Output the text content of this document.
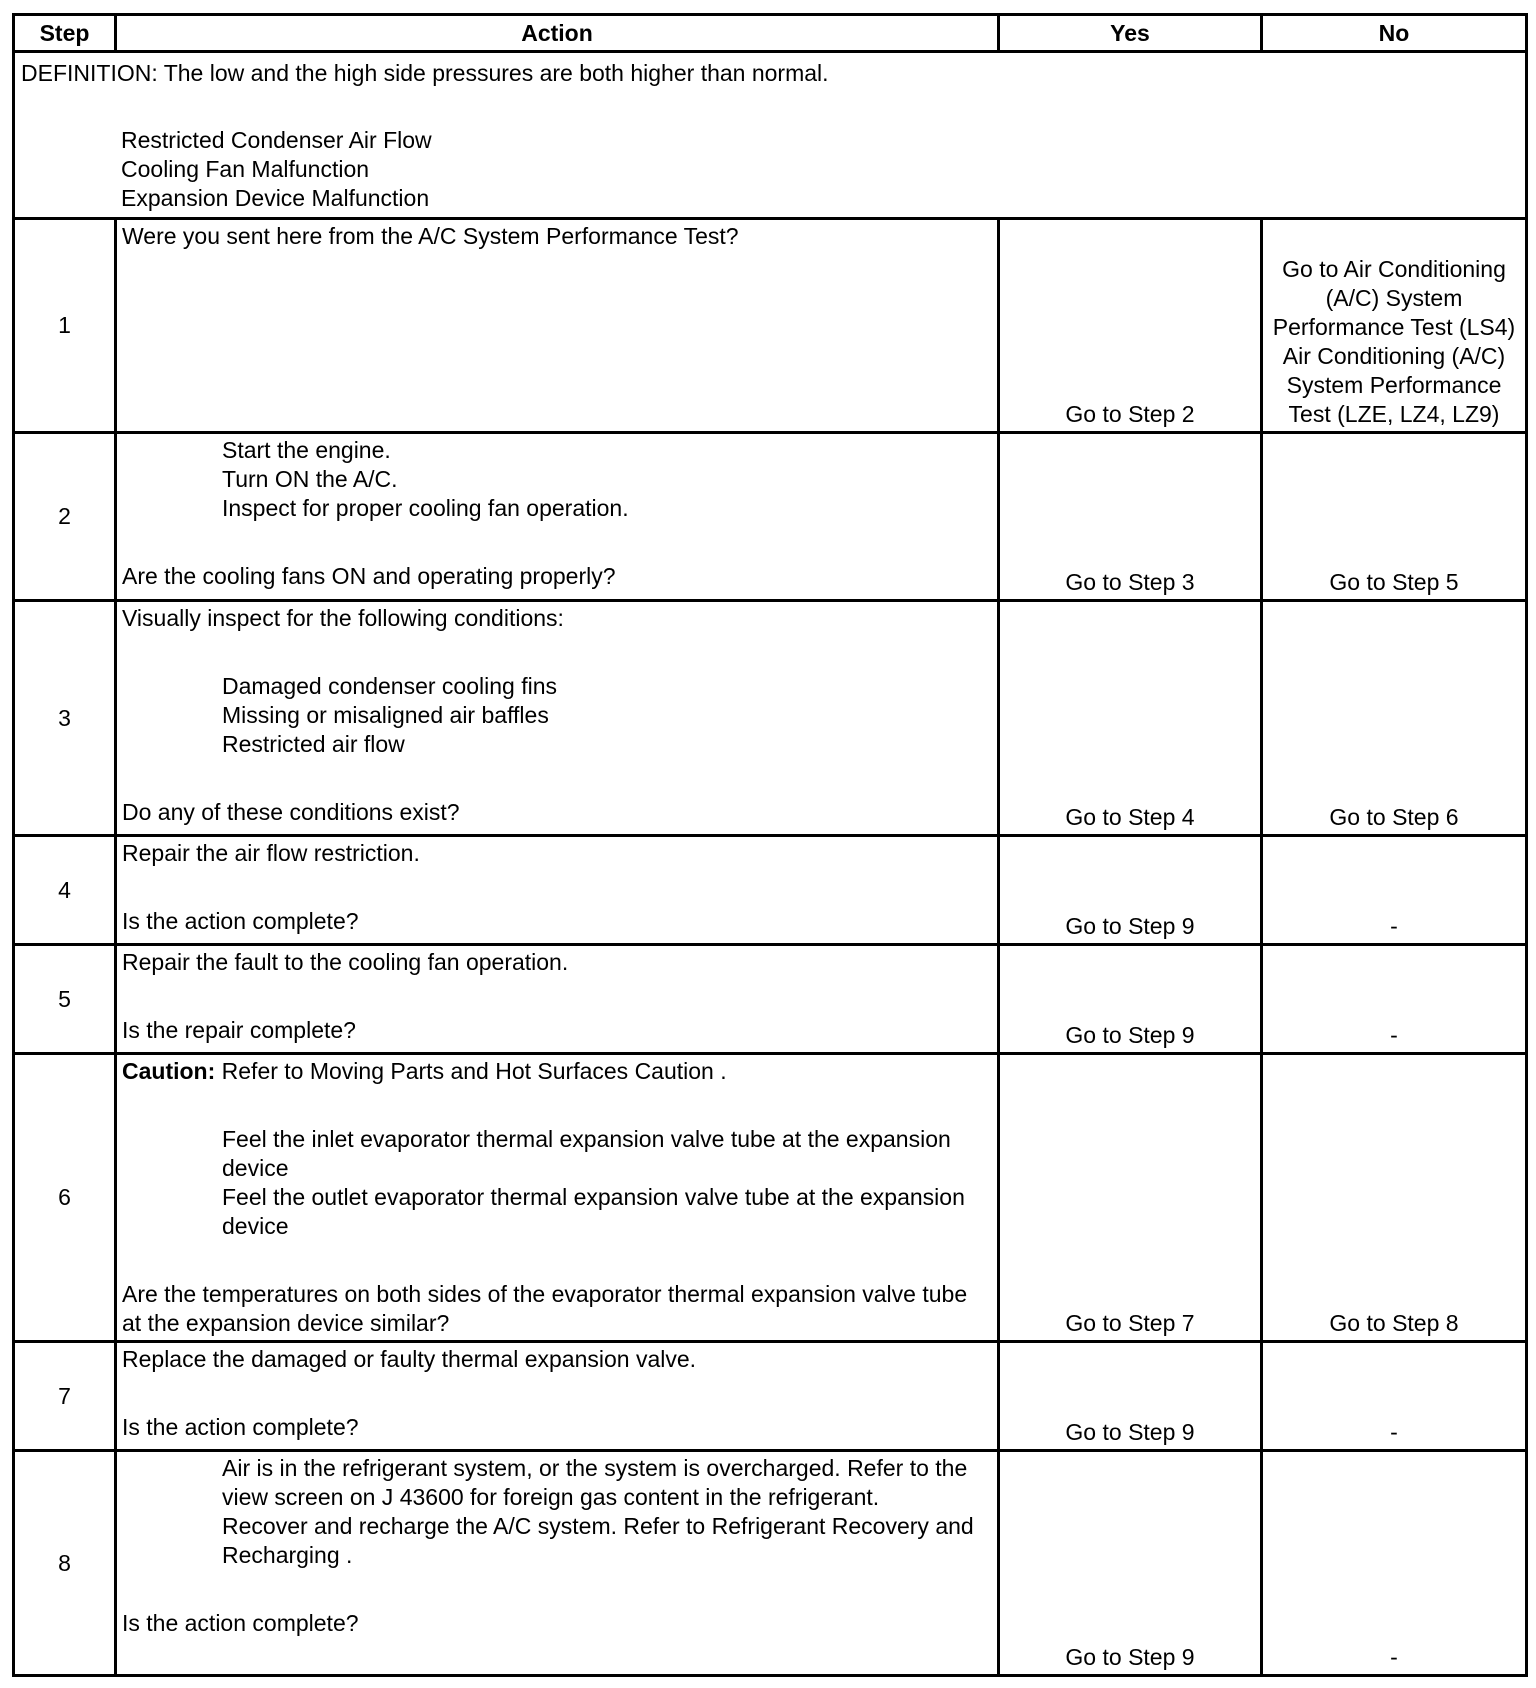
Step	Action	Yes	No

DEFINITION: The low and the high side pressures are both higher than normal.

Restricted Condenser Air Flow

Cooling Fan Malfunction

Expansion Device Malfunction			

1	Were you sent here from the A/C System Performance Test?	Go to Step 2	Go to Air Conditioning (A/C) System Performance Test (LS4) Air Conditioning (A/C) System Performance Test (LZE, LZ4, LZ9)
2	Start the engine.

Turn ON the A/C.

Inspect for proper cooling fan operation.

Are the cooling fans ON and operating properly?	Go to Step 3	Go to Step 5
3	Visually inspect for the following conditions:

Damaged condenser cooling fins

Missing or misaligned air baffles

Restricted air flow

Do any of these conditions exist?	Go to Step 4	Go to Step 6
4	Repair the air flow restriction.

Is the action complete?	Go to Step 9	-
5	Repair the fault to the cooling fan operation.

Is the repair complete?	Go to Step 9	-
6	Caution: Refer to Moving Parts and Hot Surfaces Caution .

Feel the inlet evaporator thermal expansion valve tube at the expansion device

Feel the outlet evaporator thermal expansion valve tube at the expansion device

Are the temperatures on both sides of the evaporator thermal expansion valve tube at the expansion device similar?	Go to Step 7	Go to Step 8
7	Replace the damaged or faulty thermal expansion valve.

Is the action complete?	Go to Step 9	-
8	Air is in the refrigerant system, or the system is overcharged. Refer to the view screen on J 43600 for foreign gas content in the refrigerant.

Recover and recharge the A/C system. Refer to Refrigerant Recovery and Recharging .

Is the action complete?	Go to Step 9	-
